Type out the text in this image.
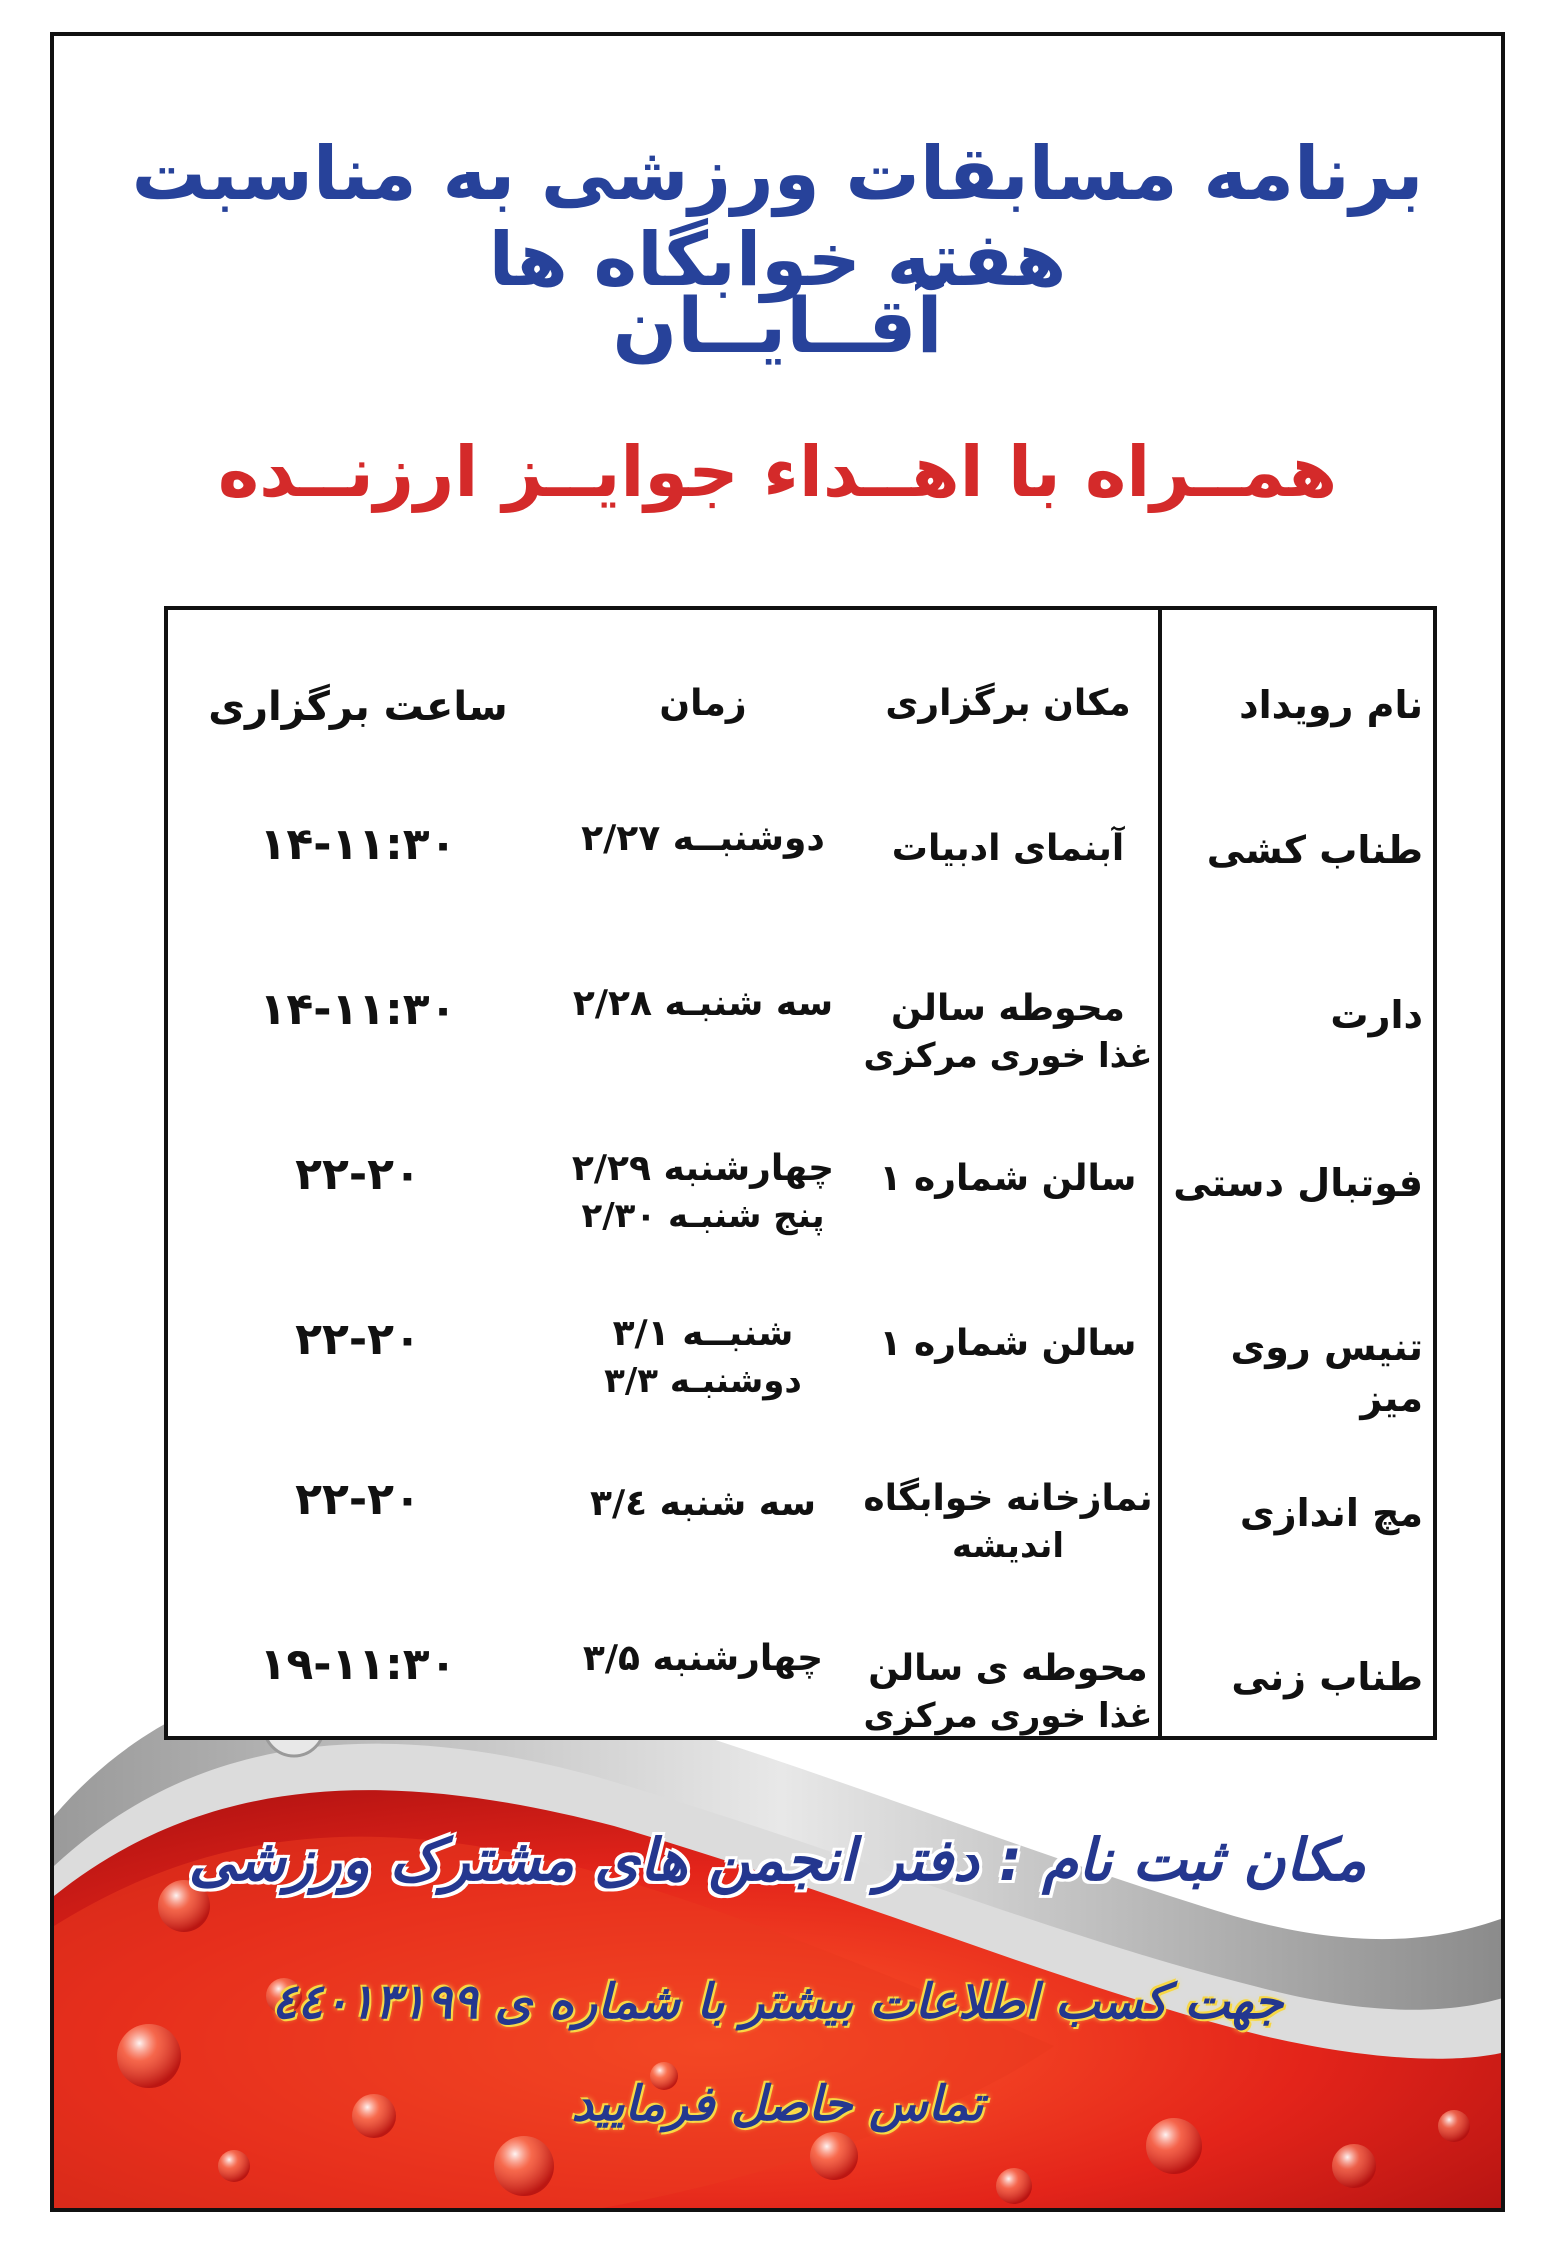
برنامه مسابقات ورزشی به مناسبت هفته خوابگاه ها
آقــایــان
همــراه با اهــداء جوایــز ارزنــده
نام رویداد
مکان برگزاری
زمان
ساعت برگزاری
طناب کشی
آبنمای ادبیات
دوشنبــه ۲/۲۷
۱۴-۱۱:۳۰
دارت
محوطه سالن
غذا خوری مرکزی
سه شنبـه ۲/۲۸
۱۴-۱۱:۳۰
فوتبال دستی
سالن شماره ۱
چهارشنبه ۲/۲۹
پنج شنبـه ۲/۳۰
۲۲-۲۰
تنیس روی میز
سالن شماره ۱
شنبــه ۳/۱
دوشنبـه ۳/۳
۲۲-۲۰
مچ اندازی
نمازخانه خوابگاه
اندیشه
سه شنبه ۳/٤
۲۲-۲۰
طناب زنی
محوطه ی سالن
غذا خوری مرکزی
چهارشنبه ۳/۵
۱۹-۱۱:۳۰
مکان ثبت نام : دفتر انجمن های مشترک ورزشی
جهت کسب اطلاعات بیشتر با شماره ی ٤٤٠١٣١٩٩
تماس حاصل فرمایید
